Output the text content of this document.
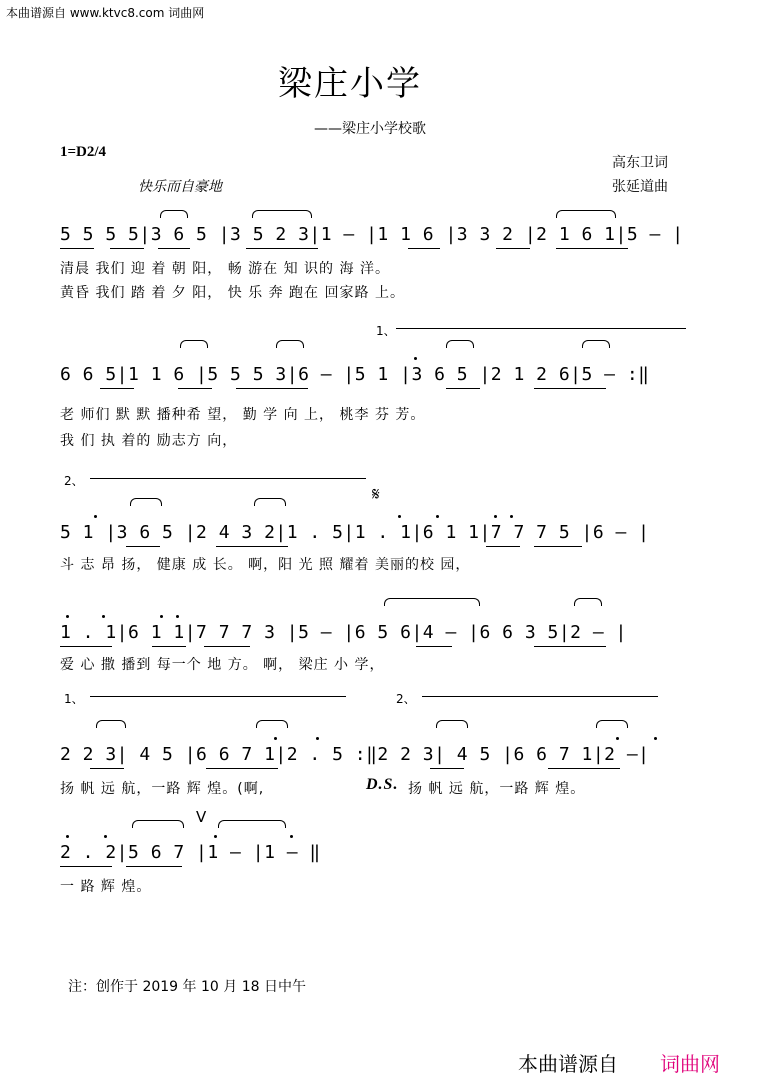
本曲谱源自 www.ktvc8.com 词曲网
梁庄小学
——梁庄小学校歌
1=D2/4
高东卫词
张延道曲
快乐而自豪地
5 5 5 5|3 6 5 |3 5 2 3|1 — |1 1 6 |3 3 2 |2 1 6 1|5 — |
清晨 我们 迎 着 朝 阳， 畅 游在 知 识的 海 洋。
黄昏 我们 踏 着 夕 阳， 快 乐 奔 跑在 回家路 上。
1、
6 6 5|1 1 6 |5 5 5 3|6 — |5 1 |3 6 5 |2 1 2 6|5 — :‖
老 师们 默 默 播种希 望， 勤 学 向 上， 桃李 芬 芳。
我 们 执 着的 励志方 向，
2、
𝄋
5 1 |3 6 5 |2 4 3 2|1 . 5|1 . 1|6 1 1|7 7 7 5 |6 — |
斗 志 昂 扬， 健康 成 长。 啊，阳 光 照 耀着 美丽的校 园，
1 . 1|6 1 1|7 7 7 3 |5 — |6 5 6|4 — |6 6 3 5|2 — |
爱 心 撒 播到 每一个 地 方。 啊， 梁庄 小 学，
1、	2、
2 2 3| 4 5 |6 6 7 1|2 . 5 :‖2 2 3| 4 5 |6 6 7 1|2 —|
扬 帆 远 航，一路 辉 煌。(啊,	D.S. 扬 帆 远 航，一路 辉 煌。
V
2 . 2|5 6 7 |1 — |1 — ‖
一 路 辉 煌。
注：创作于 2019 年 10 月 18 日中午
本曲谱源自 词曲网
